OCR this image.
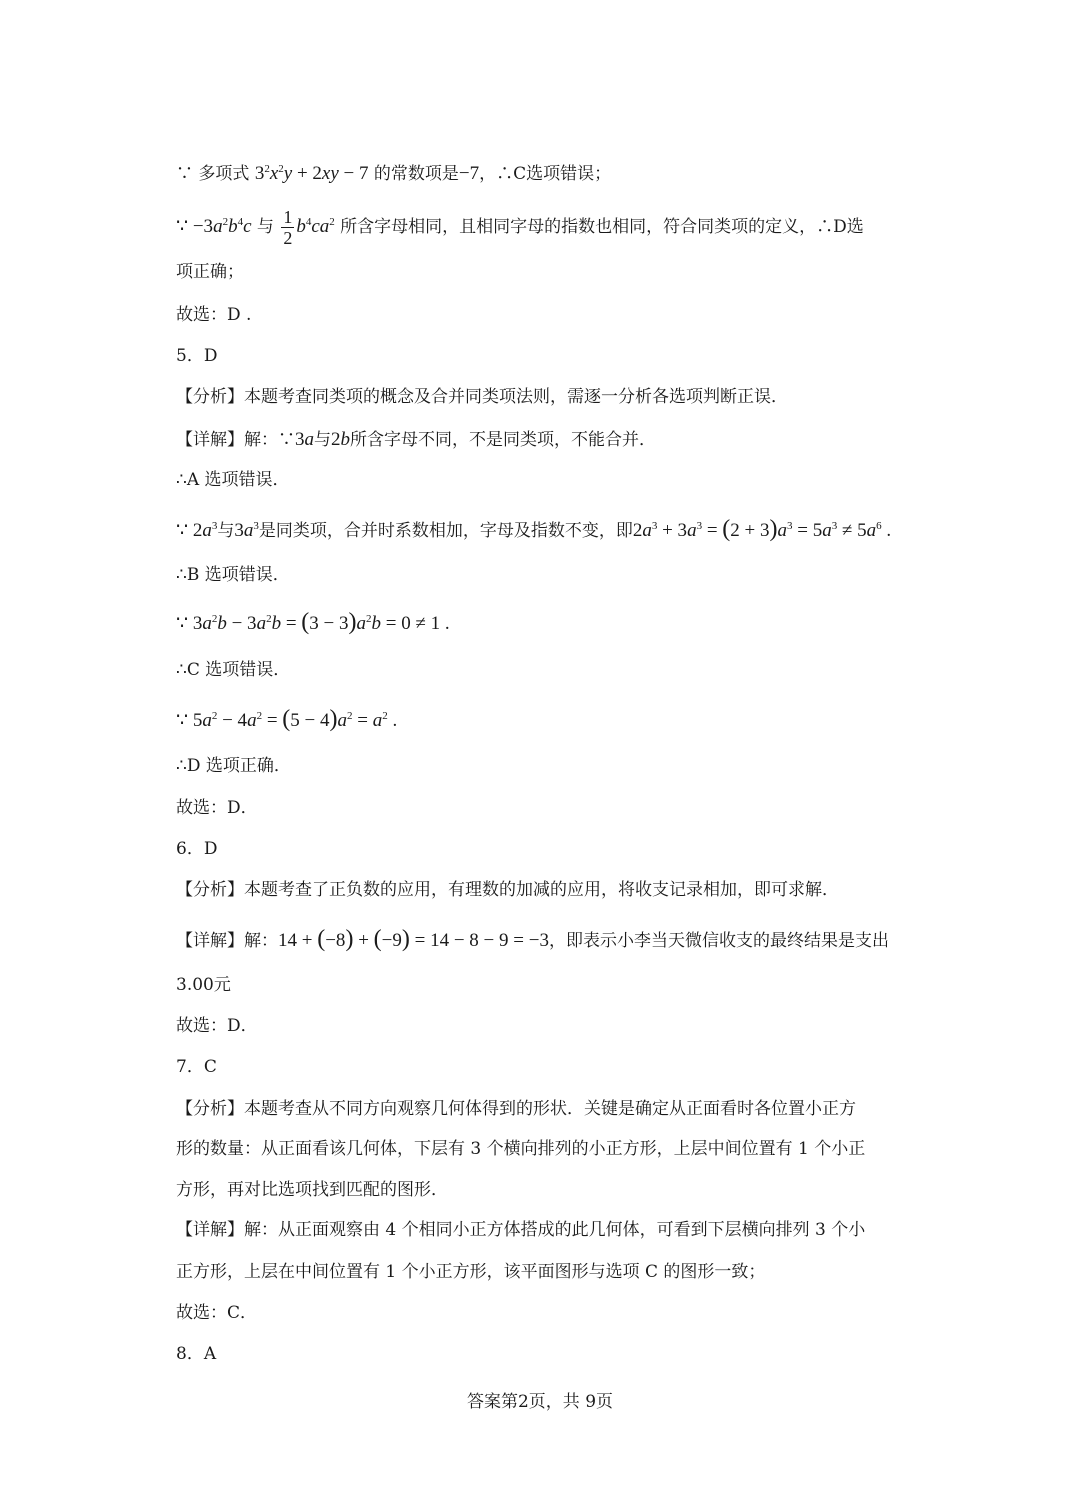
∵ 多项式 $3^2x^2y + 2xy - 7$ 的常数项是−7，∴C选项错误；
∵ $-3a^2b^4c$ 与 $\frac{1}{2} b^4ca^2$ 所含字母相同，且相同字母的指数也相同，符合同类项的定义，∴D选
项正确；
故选：D .
5．D
【分析】本题考查同类项的概念及合并同类项法则，需逐一分析各选项判断正误．
【详解】解：∵3a与2b所含字母不同，不是同类项，不能合并．
∴A 选项错误．
∵ $2a^3$与$3a^3$是同类项，合并时系数相加，字母及指数不变，即$2a^3 + 3a^3 = (2 + 3)a^3 = 5a^3 \ne 5a^6$ .
∴B 选项错误．
∵ $3a^2b - 3a^2b = (3 - 3)a^2b = 0 \ne 1$ .
∴C 选项错误．
∵ $5a^2 - 4a^2 = (5 - 4)a^2 = a^2$ .
∴D 选项正确．
故选：D．
6．D
【分析】本题考查了正负数的应用，有理数的加减的应用，将收支记录相加，即可求解．
【详解】解：14 + (−8) + (−9) = 14 − 8 − 9 = −3，即表示小李当天微信收支的最终结果是支出
3.00元
故选：D．
7．C
【分析】本题考查从不同方向观察几何体得到的形状．关键是确定从正面看时各位置小正方
形的数量：从正面看该几何体，下层有 3 个横向排列的小正方形，上层中间位置有 1 个小正
方形，再对比选项找到匹配的图形．
【详解】解：从正面观察由 4 个相同小正方体搭成的此几何体，可看到下层横向排列 3 个小
正方形，上层在中间位置有 1 个小正方形，该平面图形与选项 C 的图形一致；
故选：C．
8．A
答案第2页，共 9页
